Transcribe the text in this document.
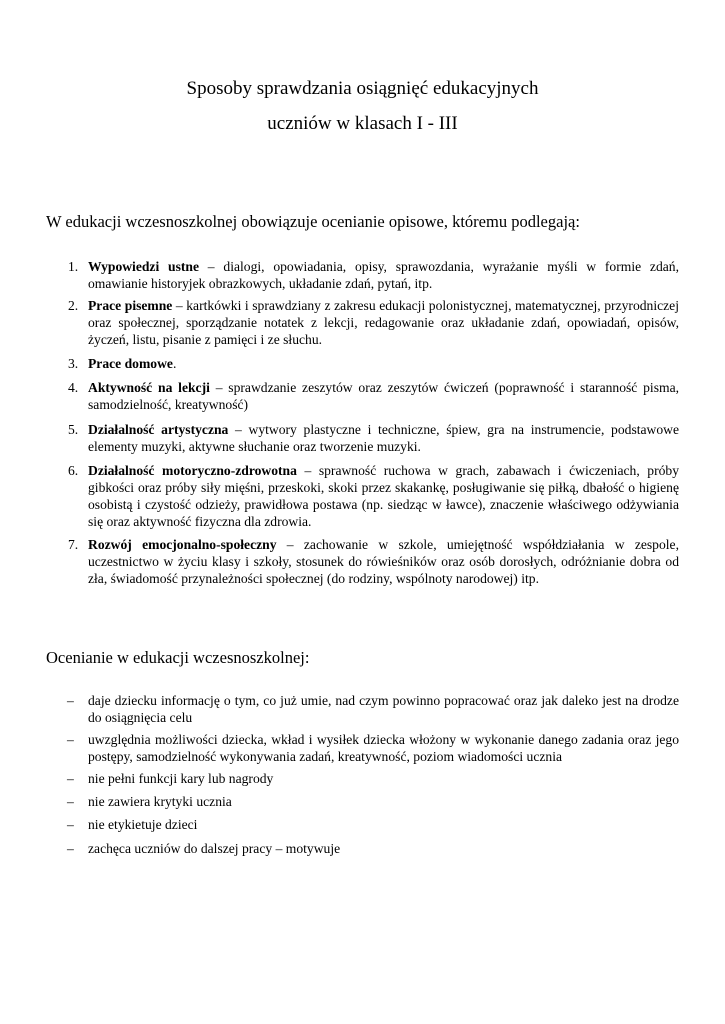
Sposoby sprawdzania osiągnięć edukacyjnych
uczniów w klasach I - III
W edukacji wczesnoszkolnej obowiązuje ocenianie opisowe, któremu podlegają:
1. Wypowiedzi ustne – dialogi, opowiadania, opisy, sprawozdania, wyrażanie myśli w formie zdań, omawianie historyjek obrazkowych, układanie zdań, pytań, itp.
2. Prace pisemne – kartkówki i sprawdziany z zakresu edukacji polonistycznej, matematycznej, przyrodniczej oraz społecznej, sporządzanie notatek z lekcji, redagowanie oraz układanie zdań, opowiadań, opisów, życzeń, listu, pisanie z pamięci i ze słuchu.
3. Prace domowe.
4. Aktywność na lekcji – sprawdzanie zeszytów oraz zeszytów ćwiczeń (poprawność i staranność pisma, samodzielność, kreatywność)
5. Działalność artystyczna – wytwory plastyczne i techniczne, śpiew, gra na instrumencie, podstawowe elementy muzyki, aktywne słuchanie oraz tworzenie muzyki.
6. Działalność motoryczno-zdrowotna – sprawność ruchowa w grach, zabawach i ćwiczeniach, próby gibkości oraz próby siły mięśni, przeskoki, skoki przez skakankę, posługiwanie się piłką, dbałość o higienę osobistą i czystość odzieży, prawidłowa postawa (np. siedząc w ławce), znaczenie właściwego odżywiania się oraz aktywność fizyczna dla zdrowia.
7. Rozwój emocjonalno-społeczny – zachowanie w szkole, umiejętność współdziałania w zespole, uczestnictwo w życiu klasy i szkoły, stosunek do rówieśników oraz osób dorosłych, odróżnianie dobra od zła, świadomość przynależności społecznej (do rodziny, wspólnoty narodowej) itp.
Ocenianie w edukacji wczesnoszkolnej:
– daje dziecku informację o tym, co już umie, nad czym powinno popracować oraz jak daleko jest na drodze do osiągnięcia celu
– uwzględnia możliwości dziecka, wkład i wysiłek dziecka włożony w wykonanie danego zadania oraz jego postępy, samodzielność wykonywania zadań, kreatywność, poziom wiadomości ucznia
– nie pełni funkcji kary lub nagrody
– nie zawiera krytyki ucznia
– nie etykietuje dzieci
– zachęca uczniów do dalszej pracy – motywuje
